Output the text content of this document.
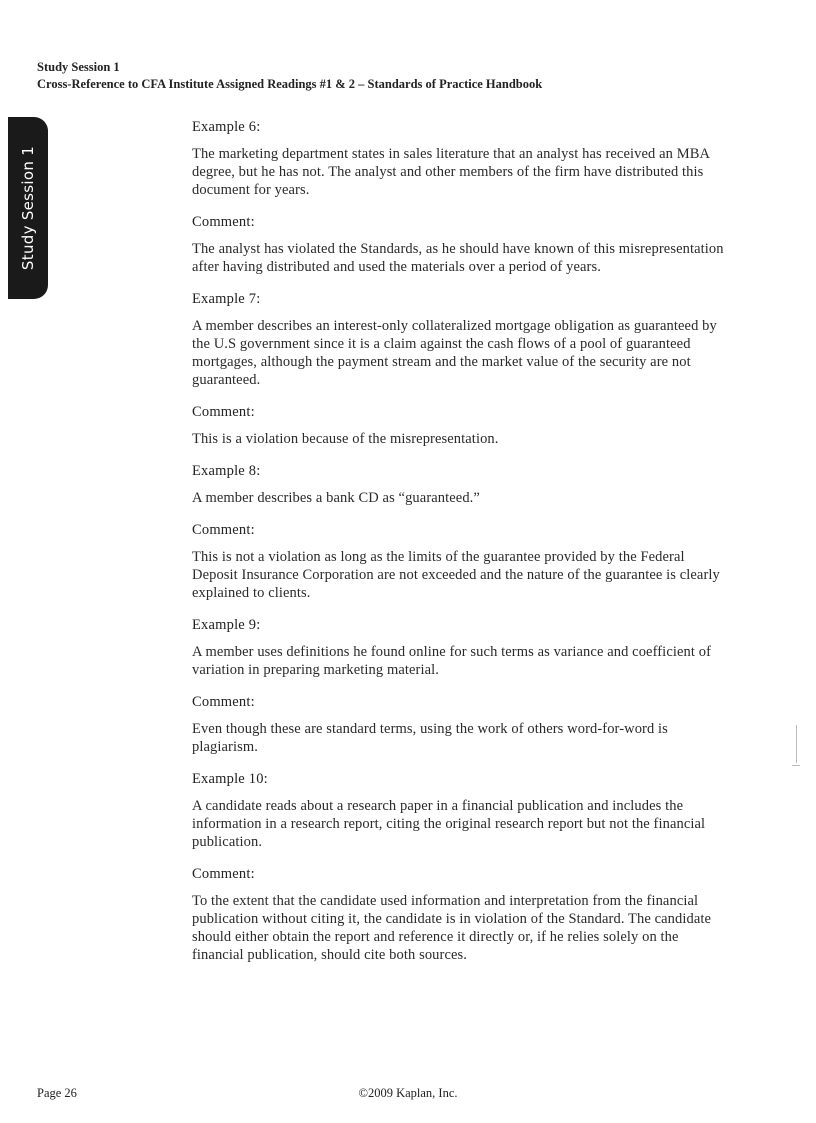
Study Session 1
Cross-Reference to CFA Institute Assigned Readings #1 & 2 – Standards of Practice Handbook
Study Session 1

Example 6:

The marketing department states in sales literature that an analyst has received an MBA degree, but he has not. The analyst and other members of the firm have distributed this document for years.

Comment:

The analyst has violated the Standards, as he should have known of this misrepresentation after having distributed and used the materials over a period of years.

Example 7:

A member describes an interest-only collateralized mortgage obligation as guaranteed by the U.S government since it is a claim against the cash flows of a pool of guaranteed mortgages, although the payment stream and the market value of the security are not guaranteed.

Comment:

This is a violation because of the misrepresentation.

Example 8:

A member describes a bank CD as “guaranteed.”

Comment:

This is not a violation as long as the limits of the guarantee provided by the Federal Deposit Insurance Corporation are not exceeded and the nature of the guarantee is clearly explained to clients.

Example 9:

A member uses definitions he found online for such terms as variance and coefficient of variation in preparing marketing material.

Comment:

Even though these are standard terms, using the work of others word-for-word is plagiarism.

Example 10:

A candidate reads about a research paper in a financial publication and includes the information in a research report, citing the original research report but not the financial publication.

Comment:

To the extent that the candidate used information and interpretation from the financial publication without citing it, the candidate is in violation of the Standard. The candidate should either obtain the report and reference it directly or, if he relies solely on the financial publication, should cite both sources.

Page 26	©2009 Kaplan, Inc.
